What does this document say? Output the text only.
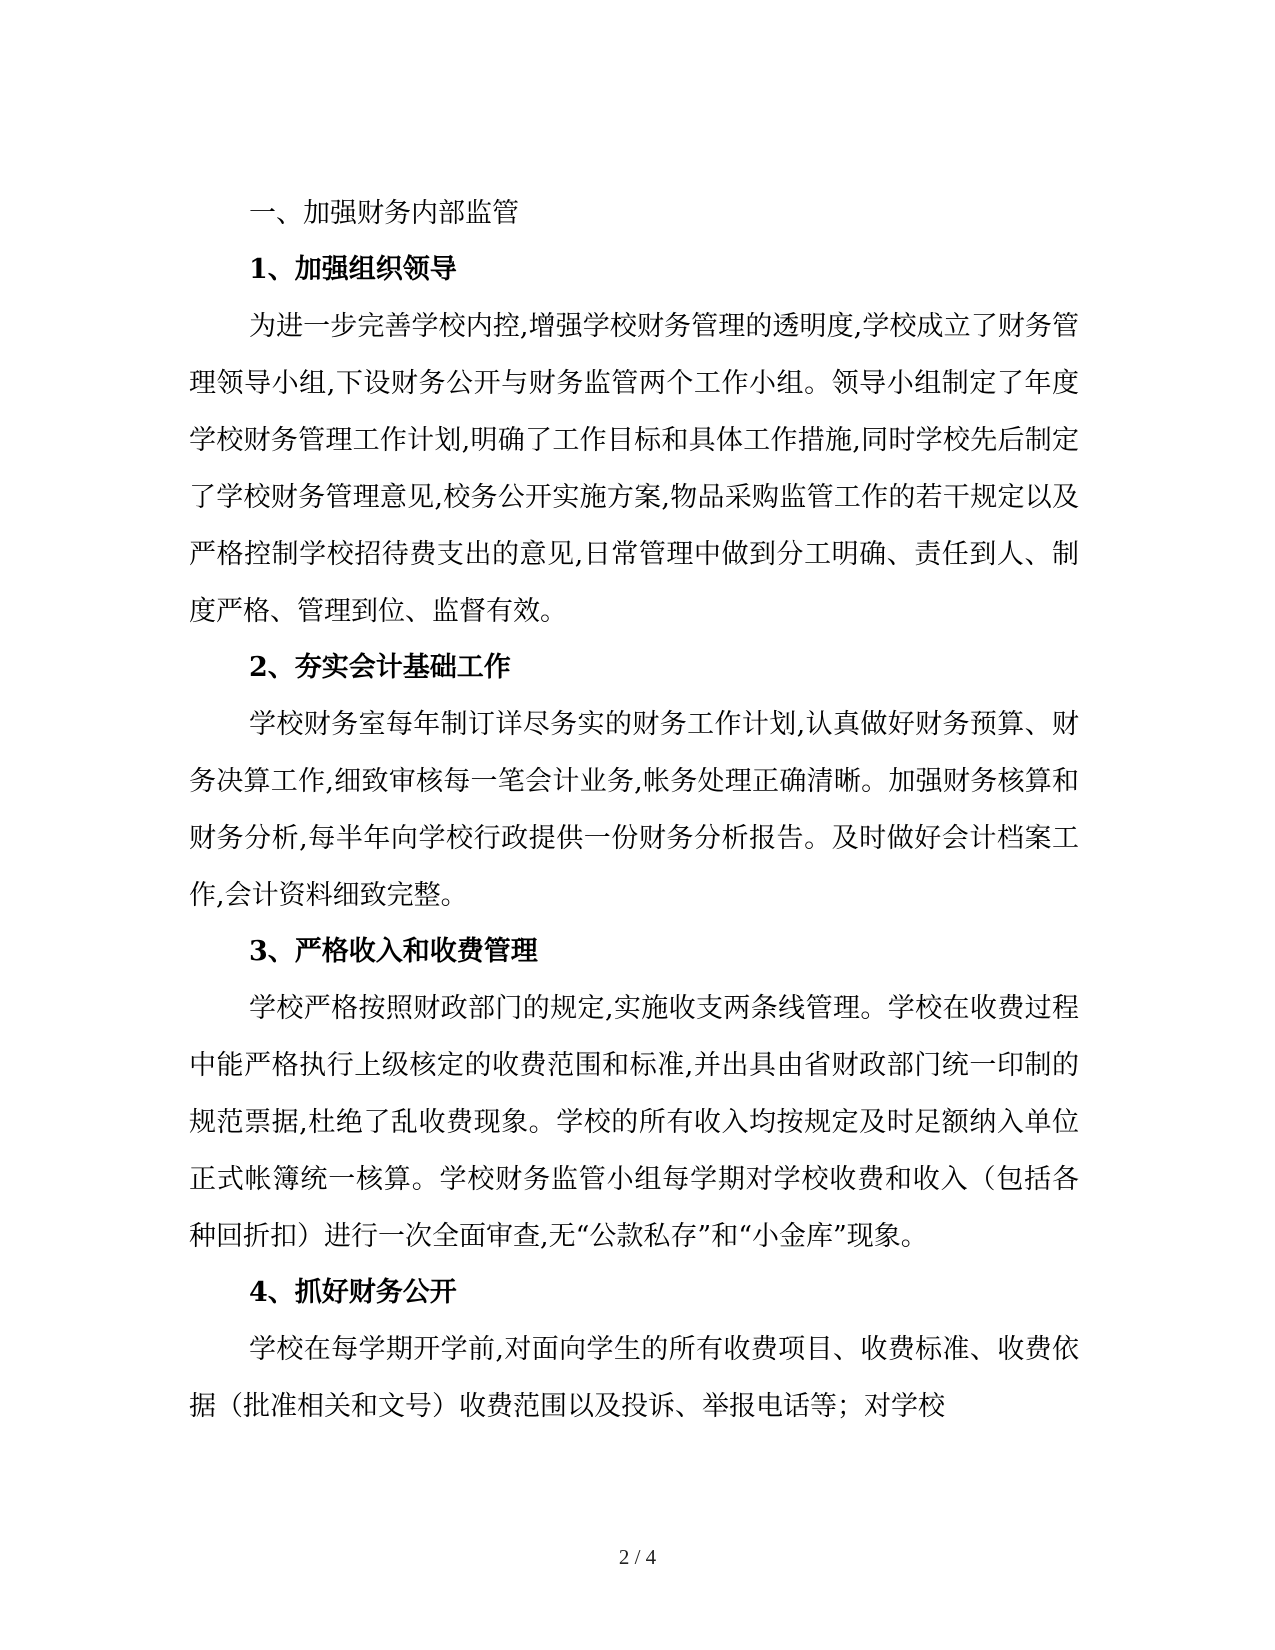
一、加强财务内部监管

1、加强组织领导

为进一步完善学校内控,增强学校财务管理的透明度,学校成立了财务管理领导小组,下设财务公开与财务监管两个工作小组。领导小组制定了年度学校财务管理工作计划,明确了工作目标和具体工作措施,同时学校先后制定了学校财务管理意见,校务公开实施方案,物品采购监管工作的若干规定以及严格控制学校招待费支出的意见,日常管理中做到分工明确、责任到人、制度严格、管理到位、监督有效。

2、夯实会计基础工作

学校财务室每年制订详尽务实的财务工作计划,认真做好财务预算、财务决算工作,细致审核每一笔会计业务,帐务处理正确清晰。加强财务核算和财务分析,每半年向学校行政提供一份财务分析报告。及时做好会计档案工作,会计资料细致完整。

3、严格收入和收费管理

学校严格按照财政部门的规定,实施收支两条线管理。学校在收费过程中能严格执行上级核定的收费范围和标准,并出具由省财政部门统一印制的规范票据,杜绝了乱收费现象。学校的所有收入均按规定及时足额纳入单位正式帐簿统一核算。学校财务监管小组每学期对学校收费和收入（包括各种回折扣）进行一次全面审查,无“公款私存”和“小金库”现象。

4、抓好财务公开

学校在每学期开学前,对面向学生的所有收费项目、收费标准、收费依据（批准相关和文号）收费范围以及投诉、举报电话等；对学校

2 / 4
